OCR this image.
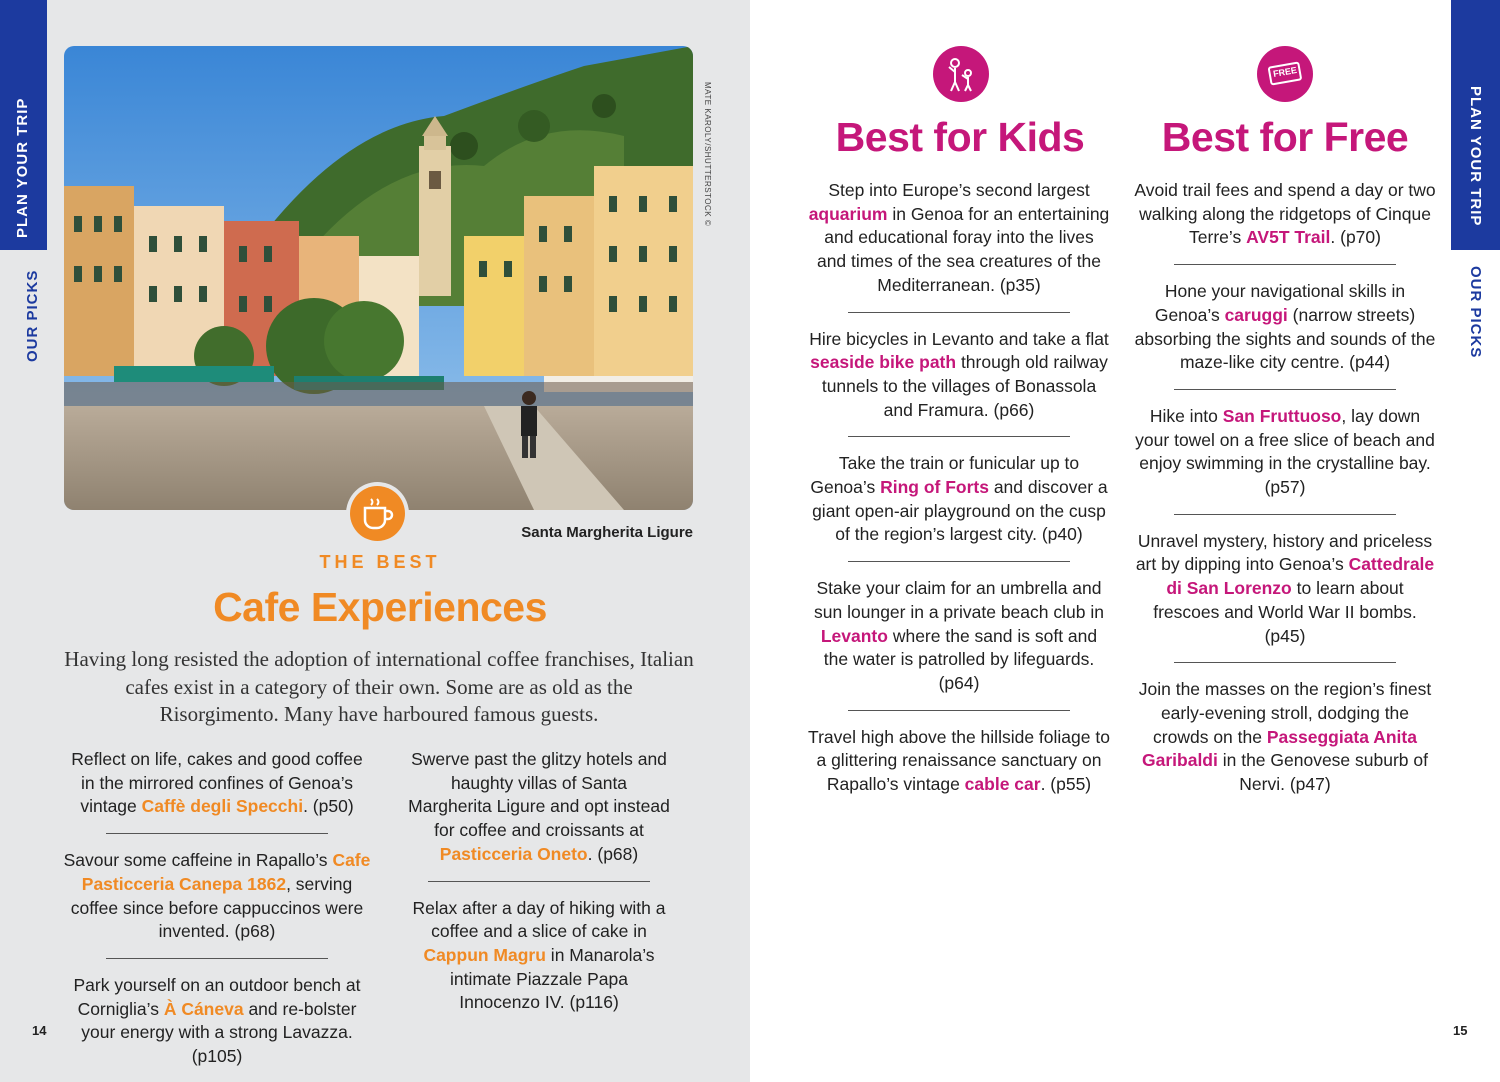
PLAN YOUR TRIP
OUR PICKS
MATE KAROLY/SHUTTERSTOCK ©
Santa Margherita Ligure
THE BEST
Cafe Experiences
Having long resisted the adoption of international coffee franchises, Italian cafes exist in a category of their own. Some are as old as the Risorgimento. Many have harboured famous guests.

Reflect on life, cakes and good coffee in the mirrored confines of Genoa’s vintage Caffè degli Specchi. (p50)

Savour some caffeine in Rapallo’s Cafe Pasticceria Canepa 1862, serving coffee since before cappuccinos were invented. (p68)

Park yourself on an outdoor bench at Corniglia’s À Cáneva and re-bolster your energy with a strong Lavazza. (p105)

Swerve past the glitzy hotels and haughty villas of Santa Margherita Ligure and opt instead for coffee and croissants at Pasticceria Oneto. (p68)

Relax after a day of hiking with a coffee and a slice of cake in Cappun Magru in Manarola’s intimate Piazzale Papa Innocenzo IV. (p116)

14
Best for Kids

Step into Europe’s second largest aquarium in Genoa for an entertaining and educational foray into the lives and times of the sea creatures of the Mediterranean. (p35)

Hire bicycles in Levanto and take a flat seaside bike path through old railway tunnels to the villages of Bonassola and Framura. (p66)

Take the train or funicular up to Genoa’s Ring of Forts and discover a giant open-air playground on the cusp of the region’s largest city. (p40)

Stake your claim for an umbrella and sun lounger in a private beach club in Levanto where the sand is soft and the water is patrolled by lifeguards. (p64)

Travel high above the hillside foliage to a glittering renaissance sanctuary on Rapallo’s vintage cable car. (p55)

FREE
Best for Free

Avoid trail fees and spend a day or two walking along the ridgetops of Cinque Terre’s AV5T Trail. (p70)

Hone your navigational skills in Genoa’s caruggi (narrow streets) absorbing the sights and sounds of the maze-like city centre. (p44)

Hike into San Fruttuoso, lay down your towel on a free slice of beach and enjoy swimming in the crystalline bay. (p57)

Unravel mystery, history and priceless art by dipping into Genoa’s Cattedrale di San Lorenzo to learn about frescoes and World War II bombs. (p45)

Join the masses on the region’s finest early-evening stroll, dodging the crowds on the Passeggiata Anita Garibaldi in the Genovese suburb of Nervi. (p47)

PLAN YOUR TRIP
OUR PICKS
15
